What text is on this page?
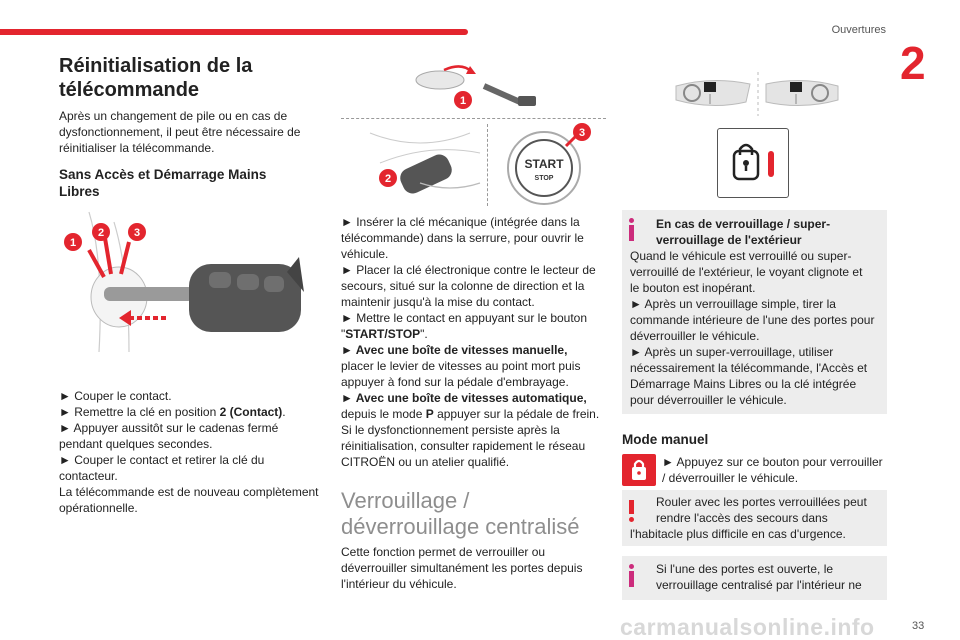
Ouvertures
2
Réinitialisation de la télécommande
Après un changement de pile ou en cas de
dysfonctionnement, il peut être nécessaire de
réinitialiser la télécommande.
Sans Accès et Démarrage Mains
Libres
1
2	3
► Couper le contact.
► Remettre la clé en position 2 (Contact).
► Appuyer aussitôt sur le cadenas fermé
pendant quelques secondes.
► Couper le contact et retirer la clé du
contacteur.
La télécommande est de nouveau complètement
opérationnelle.
1
2
START
STOP
3
► Insérer la clé mécanique (intégrée dans la
télécommande) dans la serrure, pour ouvrir le
véhicule.
► Placer la clé électronique contre le lecteur de
secours, situé sur la colonne de direction et la
maintenir jusqu'à la mise du contact.
► Mettre le contact en appuyant sur le bouton
"START/STOP".
► Avec une boîte de vitesses manuelle,
placer le levier de vitesses au point mort puis
appuyer à fond sur la pédale d'embrayage.
► Avec une boîte de vitesses automatique,
depuis le mode P appuyer sur la pédale de frein.
Si le dysfonctionnement persiste après la
réinitialisation, consulter rapidement le réseau
CITROËN ou un atelier qualifié.
Verrouillage /
déverrouillage centralisé
Cette fonction permet de verrouiller ou
déverrouiller simultanément les portes depuis
l'intérieur du véhicule.
En cas de verrouillage / super-
verrouillage de l'extérieur
Quand le véhicule est verrouillé ou super-
verrouillé de l'extérieur, le voyant clignote et
le bouton est inopérant.
► Après un verrouillage simple, tirer la
commande intérieure de l'une des portes pour
déverrouiller le véhicule.
► Après un super-verrouillage, utiliser
nécessairement la télécommande, l'Accès et
Démarrage Mains Libres ou la clé intégrée
pour déverrouiller le véhicule.
Mode manuel
► Appuyez sur ce bouton pour verrouiller
/ déverrouiller le véhicule.
Rouler avec les portes verrouillées peut
rendre l'accès des secours dans
l'habitacle plus difficile en cas d'urgence.
Si l'une des portes est ouverte, le
verrouillage centralisé par l'intérieur ne
carmanualsonline.info	33
